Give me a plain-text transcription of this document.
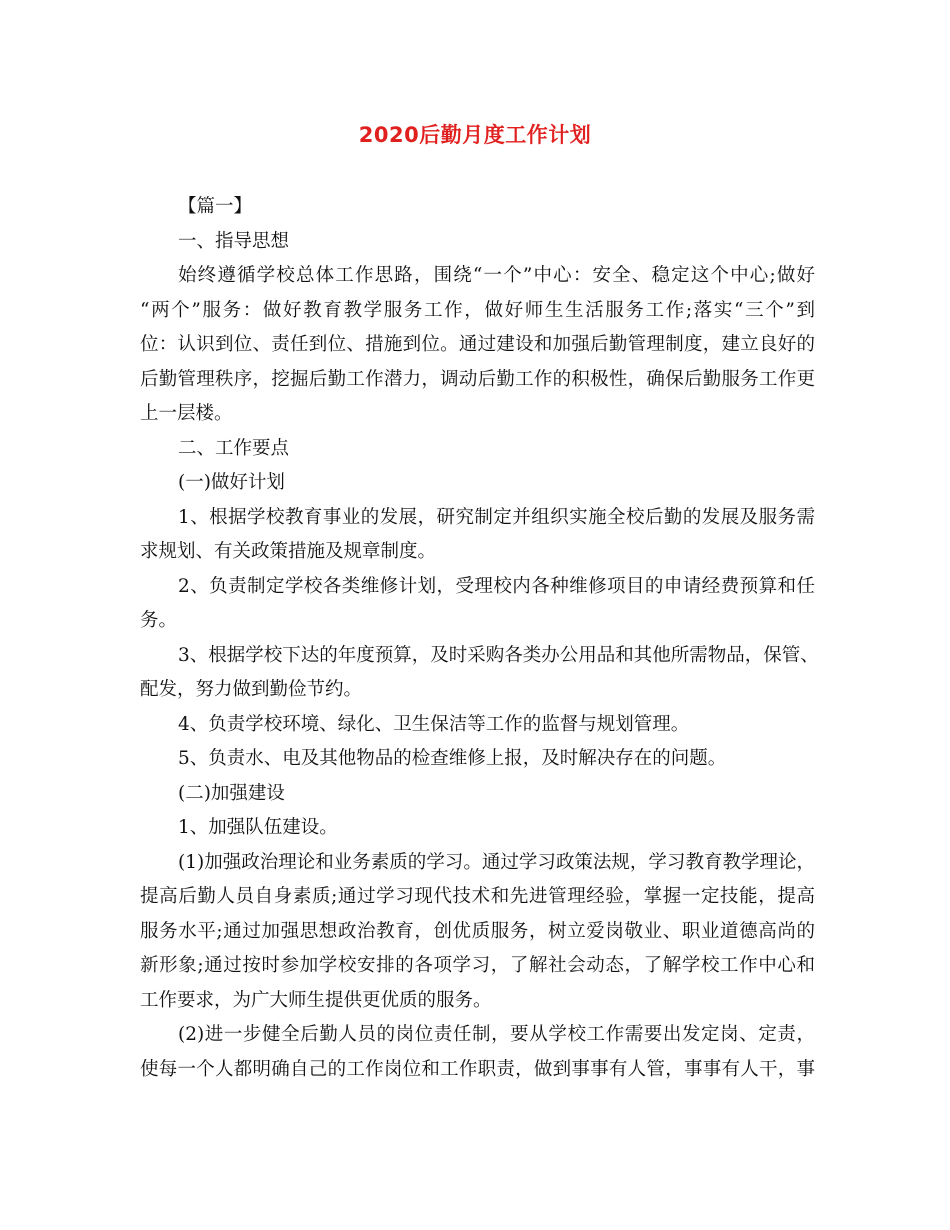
2020后勤月度工作计划
【篇一】
一、指导思想
始终遵循学校总体工作思路，围绕“一个”中心：安全、稳定这个中心;做好
“两个”服务：做好教育教学服务工作，做好师生生活服务工作;落实“三个”到
位：认识到位、责任到位、措施到位。通过建设和加强后勤管理制度，建立良好的
后勤管理秩序，挖掘后勤工作潜力，调动后勤工作的积极性，确保后勤服务工作更
上一层楼。
二、工作要点
(一)做好计划
1、根据学校教育事业的发展，研究制定并组织实施全校后勤的发展及服务需
求规划、有关政策措施及规章制度。
2、负责制定学校各类维修计划，受理校内各种维修项目的申请经费预算和任
务。
3、根据学校下达的年度预算，及时采购各类办公用品和其他所需物品，保管、
配发，努力做到勤俭节约。
4、负责学校环境、绿化、卫生保洁等工作的监督与规划管理。
5、负责水、电及其他物品的检查维修上报，及时解决存在的问题。
(二)加强建设
1、加强队伍建设。
(1)加强政治理论和业务素质的学习。通过学习政策法规，学习教育教学理论，
提高后勤人员自身素质;通过学习现代技术和先进管理经验，掌握一定技能，提高
服务水平;通过加强思想政治教育，创优质服务，树立爱岗敬业、职业道德高尚的
新形象;通过按时参加学校安排的各项学习，了解社会动态，了解学校工作中心和
工作要求，为广大师生提供更优质的服务。
(2)进一步健全后勤人员的岗位责任制，要从学校工作需要出发定岗、定责，
使每一个人都明确自己的工作岗位和工作职责，做到事事有人管，事事有人干，事
